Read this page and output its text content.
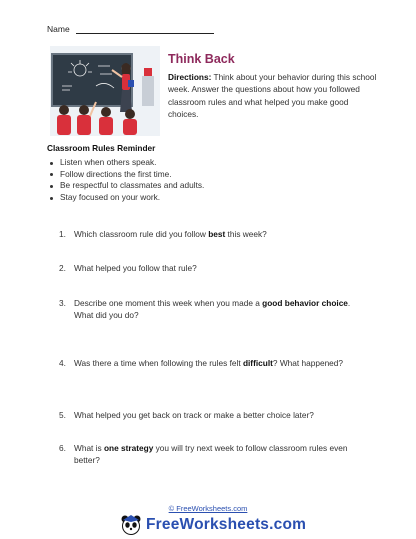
Name
Think Back
Directions: Think about your behavior during this school week. Answer the questions about how you followed classroom rules and what helped you make good choices.
Classroom Rules Reminder
Listen when others speak.
Follow directions the first time.
Be respectful to classmates and adults.
Stay focused on your work.
1. Which classroom rule did you follow best this week?
2. What helped you follow that rule?
3. Describe one moment this week when you made a good behavior choice.
What did you do?
4. Was there a time when following the rules felt difficult? What happened?
5. What helped you get back on track or make a better choice later?
6. What is one strategy you will try next week to follow classroom rules even
better?
© FreeWorksheets.com
FreeWorksheets.com
